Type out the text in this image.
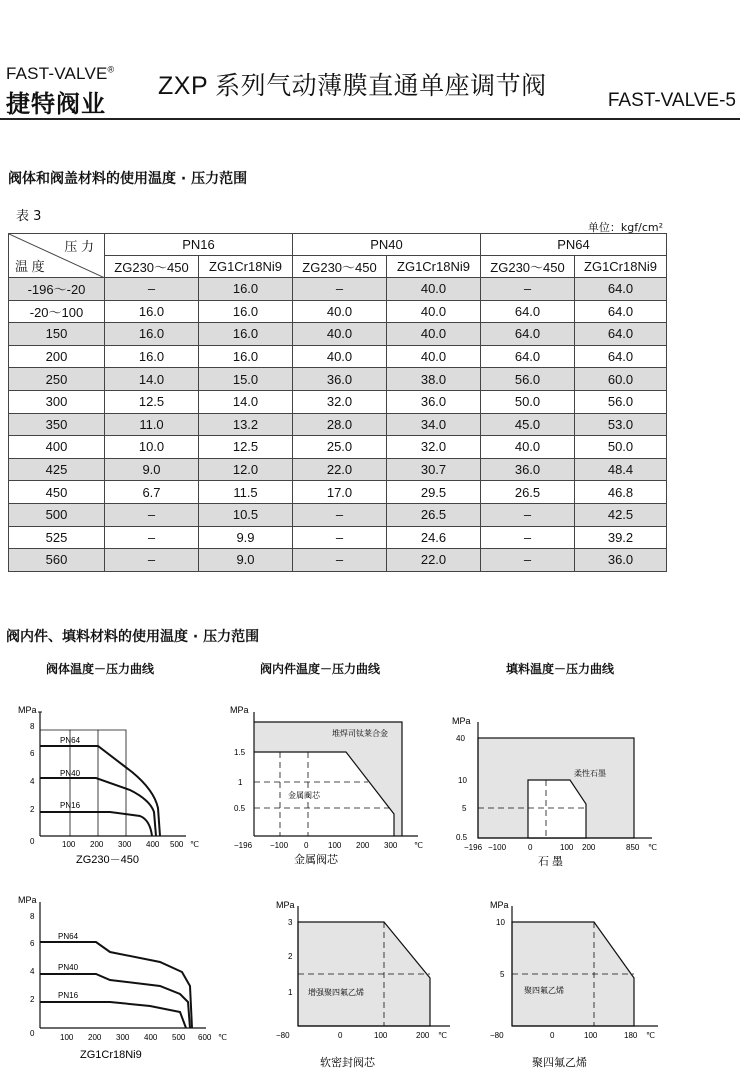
FAST-VALVE®
捷特阀业
ZXP 系列气动薄膜直通单座调节阀
FAST-VALVE-5
阀体和阀盖材料的使用温度 · 压力范围
表 3
单位：kgf/cm²
压 力
温 度	PN16		PN40		PN64	
	ZG230～450	ZG1Cr18Ni9	ZG230～450	ZG1Cr18Ni9	ZG230～450	ZG1Cr18Ni9
-196～-20	–	16.0	–	40.0	–	64.0
-20～100	16.0	16.0	40.0	40.0	64.0	64.0
150	16.0	16.0	40.0	40.0	64.0	64.0
200	16.0	16.0	40.0	40.0	64.0	64.0
250	14.0	15.0	36.0	38.0	56.0	60.0
300	12.5	14.0	32.0	36.0	50.0	56.0
350	11.0	13.2	28.0	34.0	45.0	53.0
400	10.0	12.5	25.0	32.0	40.0	50.0
425	9.0	12.0	22.0	30.7	36.0	48.4
450	6.7	11.5	17.0	29.5	26.5	46.8
500	–	10.5	–	26.5	–	42.5
525	–	9.9	–	24.6	–	39.2
560	–	9.0	–	22.0	–	36.0
阀内件、填料材料的使用温度 · 压力范围
阀体温度－压力曲线	阀内件温度－压力曲线	填料温度－压力曲线
MPa
8
6
4
2
0	100 200 300 400 500 ℃
PN64
PN40
PN16
ZG230－450
MPa
1.5
1
0.5
堆焊司钛莱合金
金属阀芯
−196 −100 0 100 200 300 ℃
金属阀芯
MPa
40
10
5
0.5
柔性石墨
−196 −100	0	100 200	850 ℃
石 墨
MPa
8
6
4
2
0
PN64
PN40
PN16
100 200 300 400 500 600 ℃
ZG1Cr18Ni9
MPa
3
2
1 增强聚四氟乙烯
−80	0	100	200 ℃
软密封阀芯
MPa
10
5
聚四氟乙烯
−80	0	100	180 ℃
聚四氟乙烯
